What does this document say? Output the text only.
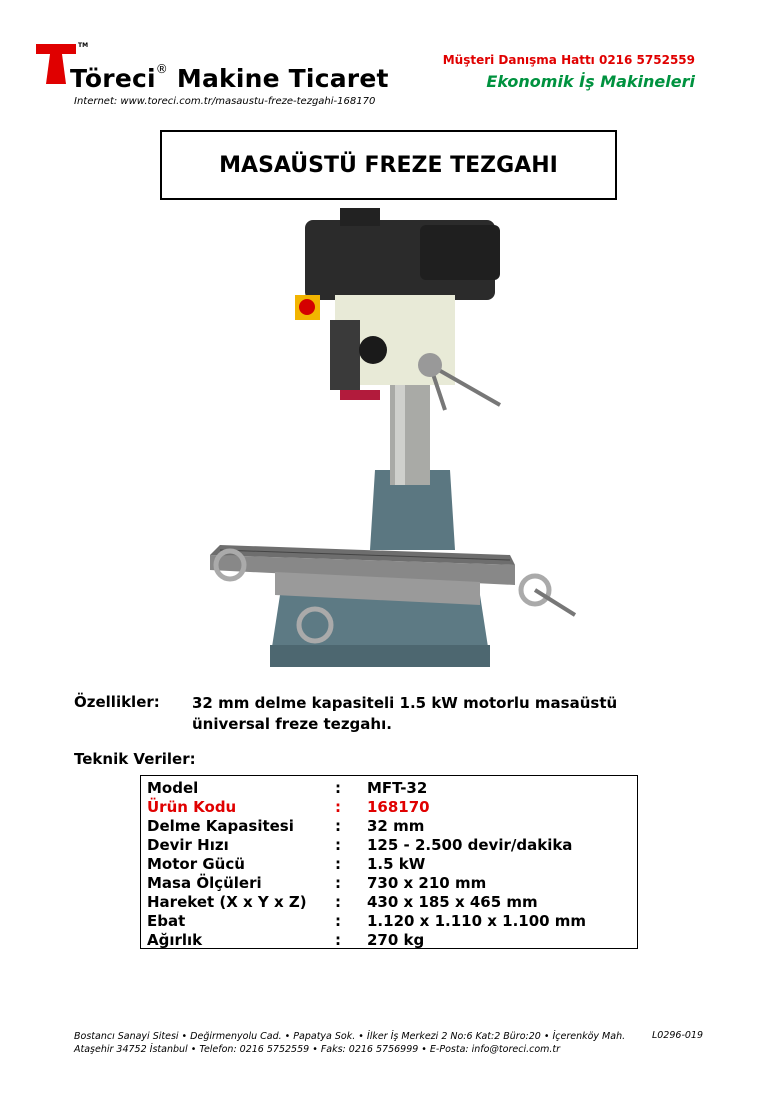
TM
Töreci® Makine Ticaret
Internet: www.toreci.com.tr/masaustu-freze-tezgahi-168170
Müşteri Danışma Hattı 0216 5752559
Ekonomik İş Makineleri
MASAÜSTÜ FREZE TEZGAHI
Özellikler: 32 mm delme kapasiteli 1.5 kW motorlu masaüstü üniversal freze tezgahı.
Teknik Veriler:
Model	: MFT-32
Ürün Kodu	: 168170
Delme Kapasitesi	: 32 mm
Devir Hızı	: 125 - 2.500 devir/dakika
Motor Gücü	: 1.5 kW
Masa Ölçüleri	: 730 x 210 mm
Hareket (X x Y x Z) : 430 x 185 x 465 mm
Ebat	: 1.120 x 1.110 x 1.100 mm
Ağırlık	: 270 kg
Bostancı Sanayi Sitesi • Değirmenyolu Cad. • Papatya Sok. • İlker İş Merkezi 2 No:6 Kat:2 Büro:20 • İçerenköy Mah.
Ataşehir 34752 İstanbul • Telefon: 0216 5752559 • Faks: 0216 5756999 • E-Posta: info@toreci.com.tr
L0296-019
